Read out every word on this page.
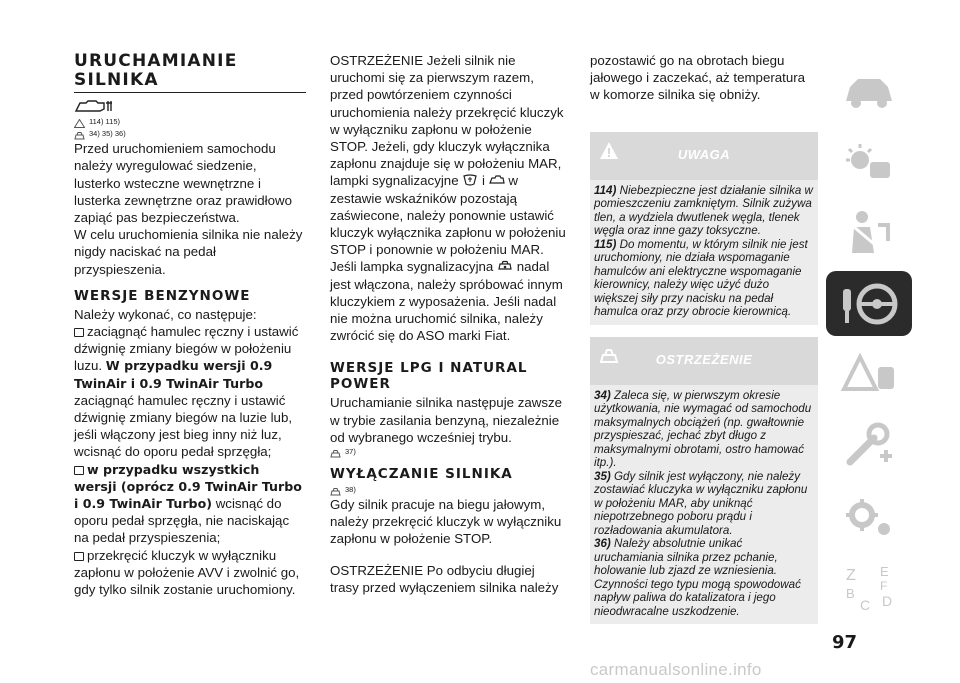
URUCHAMIANIE

SILNIKA

114) 115)

34) 35) 36)

Przed uruchomieniem samochodu należy wyregulować siedzenie, lusterko wsteczne wewnętrzne i lusterka zewnętrzne oraz prawidłowo zapiąć pas bezpieczeństwa.

W celu uruchomienia silnika nie należy nigdy naciskać na pedał przyspieszenia.

WERSJE BENZYNOWE

Należy wykonać, co następuje:

zaciągnąć hamulec ręczny i ustawić dźwignię zmiany biegów w położeniu luzu. W przypadku wersji 0.9 TwinAir i 0.9 TwinAir Turbo zaciągnąć hamulec ręczny i ustawić dźwignię zmiany biegów na luzie lub, jeśli włączony jest bieg inny niż luz, wcisnąć do oporu pedał sprzęgła;

w przypadku wszystkich wersji (oprócz 0.9 TwinAir Turbo i 0.9 TwinAir Turbo) wcisnąć do oporu pedał sprzęgła, nie naciskając na pedał przyspieszenia;

przekręcić kluczyk w wyłączniku zapłonu w położenie AVV i zwolnić go, gdy tylko silnik zostanie uruchomiony.

OSTRZEŻENIE Jeżeli silnik nie uruchomi się za pierwszym razem, przed powtórzeniem czynności uruchomienia należy przekręcić kluczyk w wyłączniku zapłonu w położenie STOP. Jeżeli, gdy kluczyk wyłącznika zapłonu znajduje się w położeniu MAR, lampki sygnalizacyjne i w zestawie wskaźników pozostają zaświecone, należy ponownie ustawić kluczyk wyłącznika zapłonu w położeniu STOP i ponownie w położeniu MAR. Jeśli lampka sygnalizacyjna nadal jest włączona, należy spróbować innym kluczykiem z wyposażenia. Jeśli nadal nie można uruchomić silnika, należy zwrócić się do ASO marki Fiat.

WERSJE LPG I NATURAL
POWER

Uruchamianie silnika następuje zawsze w trybie zasilania benzyną, niezależnie od wybranego wcześniej trybu.

37)

WYŁĄCZANIE SILNIKA

38)

Gdy silnik pracuje na biegu jałowym, należy przekręcić kluczyk w wyłączniku zapłonu w położenie STOP.

OSTRZEŻENIE Po odbyciu długiej trasy przed wyłączeniem silnika należy

pozostawić go na obrotach biegu jałowego i zaczekać, aż temperatura w komorze silnika się obniży.

UWAGA
114) Niebezpieczne jest działanie silnika w pomieszczeniu zamkniętym. Silnik zużywa tlen, a wydziela dwutlenek węgla, tlenek węgla oraz inne gazy toksyczne.
115) Do momentu, w którym silnik nie jest uruchomiony, nie działa wspomaganie hamulców ani elektryczne wspomaganie kierownicy, należy więc użyć dużo większej siły przy nacisku na pedał hamulca oraz przy obrocie kierownicą.
OSTRZEŻENIE
34) Zaleca się, w pierwszym okresie użytkowania, nie wymagać od samochodu maksymalnych obciążeń (np. gwałtownie przyspieszać, jechać zbyt długo z maksymalnymi obrotami, ostro hamować itp.).
35) Gdy silnik jest wyłączony, nie należy zostawiać kluczyka w wyłączniku zapłonu w położeniu MAR, aby uniknąć niepotrzebnego poboru prądu i rozładowania akumulatora.
36) Należy absolutnie unikać uruchamiania silnika przez pchanie, holowanie lub zjazd ze wzniesienia. Czynności tego typu mogą spowodować napływ paliwa do katalizatora i jego nieodwracalne uszkodzenie.
Z E
B
C D
F
97
carmanualsonline.info
